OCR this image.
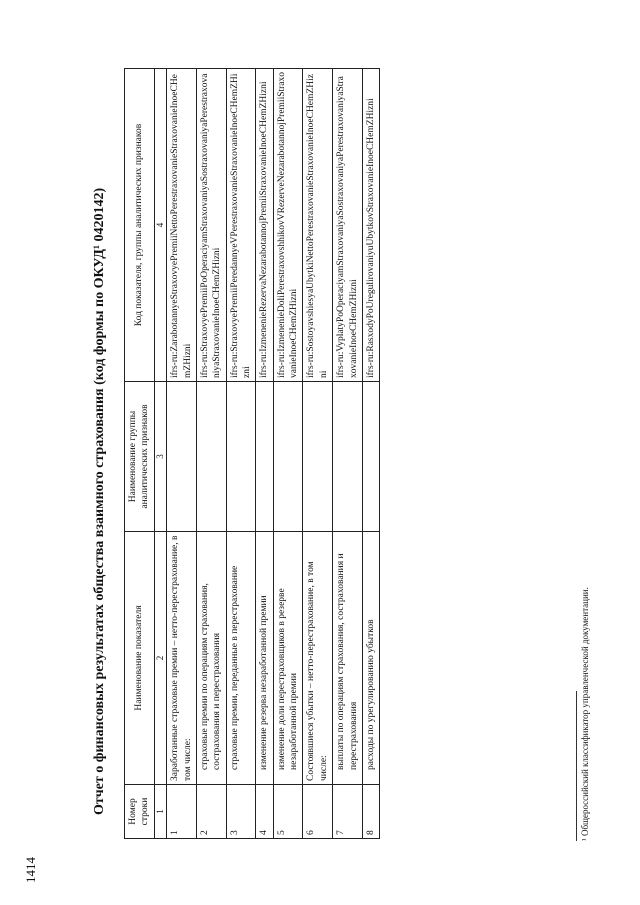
1414
Отчет о финансовых результатах общества взаимного страхования (код формы по ОКУД¹ 0420142) Номер строки	Наименование показателя	Наименование группы аналитических признаков	Код показателя, группы аналитических признаков
1	2	3	4
1	Заработанные страховые премии – нетто-перестрахование, в том числе:		ifrs-ru:ZarabotannyeStraxovyePremiiNettoPerestraxovanieStraxovanieInoeCHemZHizni
2	страховые премии по операциям страхования, сострахования и перестрахования		ifrs-ru:StraxovyePremiiPoOperaciyamStraxovaniyaSostraxovaniyaPerestraxovaniyaStraxovanieInoeCHemZHizni
3	страховые премии, переданные в перестрахование		ifrs-ru:StraxovyePremiiPeredannyeVPerestraxovanieStraxovanieInoeCHemZHizni
4	изменение резерва незаработанной премии		ifrs-ru:IzmenenieRezervaNezarabotannojPremiiStraxovanieInoeCHemZHizni
5	изменение доли перестраховщиков в резерве незаработанной премии		ifrs-ru:IzmenenieDoliPerestraxovshhikovVRezerveNezarabotannojPremiiStraxovanieInoeCHemZHizni
6	Состоявшиеся убытки – нетто-перестрахование, в том числе:		ifrs-ru:SostoyavshiesyaUbytkiNettoPerestraxovanieStraxovanieInoeCHemZHizni
7	выплаты по операциям страхования, сострахования и перестрахования		ifrs-ru:VyplatyPoOperaciyamStraxovaniyaSostraxovaniyaPerestraxovaniyaStraxovanieInoeCHemZHizni
8	расходы по урегулированию убытков		ifrs-ru:RasxodyPoUregulirovaniyuUbytkovStraxovanieInoeCHemZHizni
¹ Общероссийский классификатор управленческой документации.
